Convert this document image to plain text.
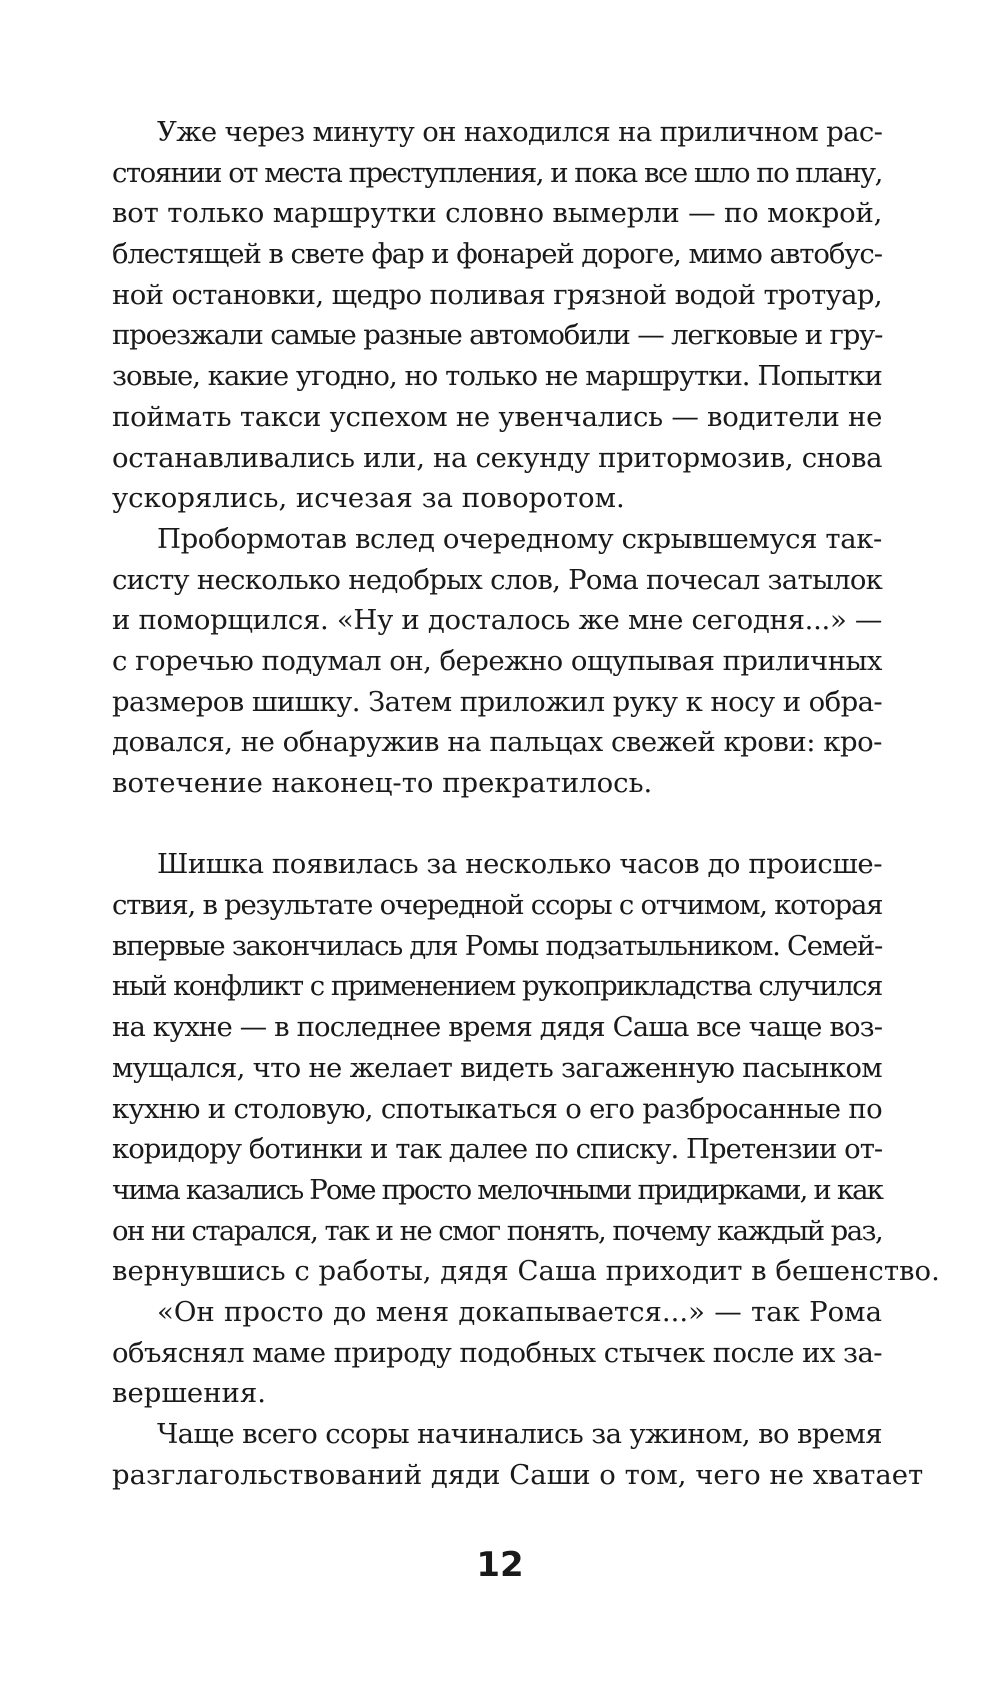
Уже через минуту он находился на приличном рас-
стоянии от места преступления, и пока все шло по плану,
вот только маршрутки словно вымерли — по мокрой,
блестящей в свете фар и фонарей дороге, мимо автобус-
ной остановки, щедро поливая грязной водой тротуар,
проезжали самые разные автомобили — легковые и гру-
зовые, какие угодно, но только не маршрутки. Попытки
поймать такси успехом не увенчались — водители не
останавливались или, на секунду притормозив, снова
ускорялись, исчезая за поворотом.
Пробормотав вслед очередному скрывшемуся так-
систу несколько недобрых слов, Рома почесал затылок
и поморщился. «Ну и досталось же мне сегодня...» —
с горечью подумал он, бережно ощупывая приличных
размеров шишку. Затем приложил руку к носу и обра-
довался, не обнаружив на пальцах свежей крови: кро-
вотечение наконец-то прекратилось.
Шишка появилась за несколько часов до происше-
ствия, в результате очередной ссоры с отчимом, которая
впервые закончилась для Ромы подзатыльником. Семей-
ный конфликт с применением рукоприкладства случился
на кухне — в последнее время дядя Саша все чаще воз-
мущался, что не желает видеть загаженную пасынком
кухню и столовую, спотыкаться о его разбросанные по
коридору ботинки и так далее по списку. Претензии от-
чима казались Роме просто мелочными придирками, и как
он ни старался, так и не смог понять, почему каждый раз,
вернувшись с работы, дядя Саша приходит в бешенство.
«Он просто до меня докапывается...» — так Рома
объяснял маме природу подобных стычек после их за-
вершения.
Чаще всего ссоры начинались за ужином, во время
разглагольствований дяди Саши о том, чего не хватает
12
